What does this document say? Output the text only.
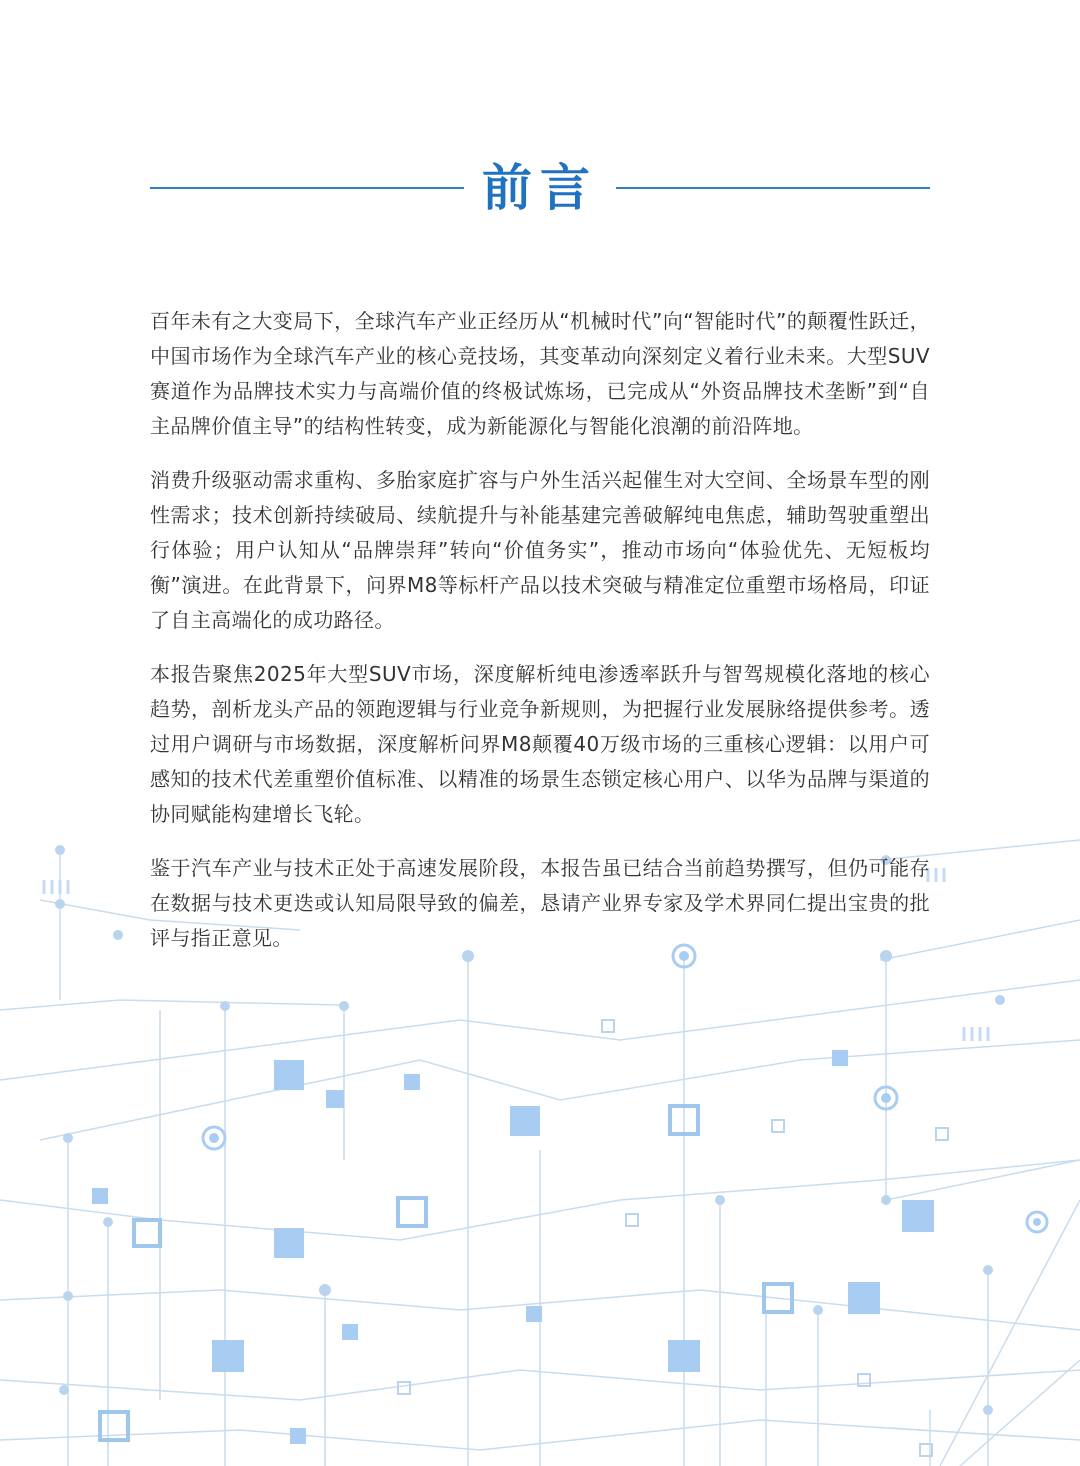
前言

百年未有之大变局下，全球汽车产业正经历从“机械时代”向“智能时代”的颠覆性跃迁，中国市场作为全球汽车产业的核心竞技场，其变革动向深刻定义着行业未来。大型SUV赛道作为品牌技术实力与高端价值的终极试炼场，已完成从“外资品牌技术垄断”到“自主品牌价值主导”的结构性转变，成为新能源化与智能化浪潮的前沿阵地。

消费升级驱动需求重构、多胎家庭扩容与户外生活兴起催生对大空间、全场景车型的刚性需求；技术创新持续破局、续航提升与补能基建完善破解纯电焦虑，辅助驾驶重塑出行体验；用户认知从“品牌崇拜”转向“价值务实”，推动市场向“体验优先、无短板均衡”演进。在此背景下，问界M8等标杆产品以技术突破与精准定位重塑市场格局，印证了自主高端化的成功路径。

本报告聚焦2025年大型SUV市场，深度解析纯电渗透率跃升与智驾规模化落地的核心趋势，剖析龙头产品的领跑逻辑与行业竞争新规则，为把握行业发展脉络提供参考。透过用户调研与市场数据，深度解析问界M8颠覆40万级市场的三重核心逻辑：以用户可感知的技术代差重塑价值标准、以精准的场景生态锁定核心用户、以华为品牌与渠道的协同赋能构建增长飞轮。

鉴于汽车产业与技术正处于高速发展阶段，本报告虽已结合当前趋势撰写，但仍可能存在数据与技术更迭或认知局限导致的偏差，恳请产业界专家及学术界同仁提出宝贵的批评与指正意见。
